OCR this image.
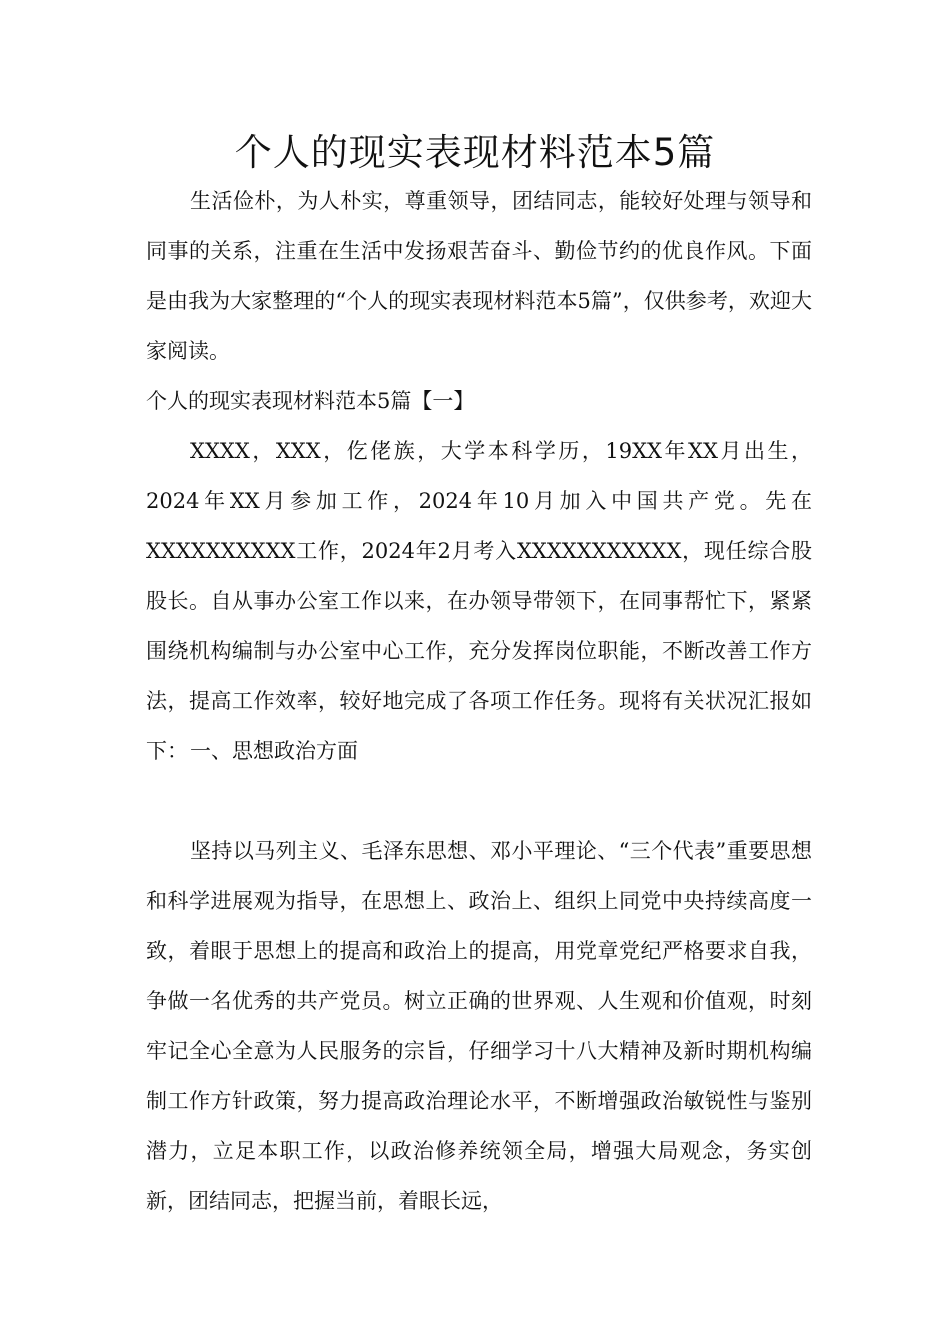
个人的现实表现材料范本5篇

生活俭朴，为人朴实，尊重领导，团结同志，能较好处理与领导和同事的关系，注重在生活中发扬艰苦奋斗、勤俭节约的优良作风。下面是由我为大家整理的“个人的现实表现材料范本5篇”，仅供参考，欢迎大家阅读。

个人的现实表现材料范本5篇【一】

XXXX，XXX，仡佬族，大学本科学历，19XX年XX月出生，2024年XX月参加工作，2024年10月加入中国共产党。先在XXXXXXXXXX工作，2024年2月考入XXXXXXXXXXX，现任综合股股长。自从事办公室工作以来，在办领导带领下，在同事帮忙下，紧紧围绕机构编制与办公室中心工作，充分发挥岗位职能，不断改善工作方法，提高工作效率，较好地完成了各项工作任务。现将有关状况汇报如下： 一、思想政治方面

坚持以马列主义、毛泽东思想、邓小平理论、“三个代表”重要思想和科学进展观为指导，在思想上、政治上、组织上同党中央持续高度一致，着眼于思想上的提高和政治上的提高，用党章党纪严格要求自我，争做一名优秀的共产党员。树立正确的世界观、人生观和价值观，时刻牢记全心全意为人民服务的宗旨，仔细学习十八大精神及新时期机构编制工作方针政策，努力提高政治理论水平，不断增强政治敏锐性与鉴别潜力，立足本职工作，以政治修养统领全局，增强大局观念，务实创新，团结同志，把握当前，着眼长远，
